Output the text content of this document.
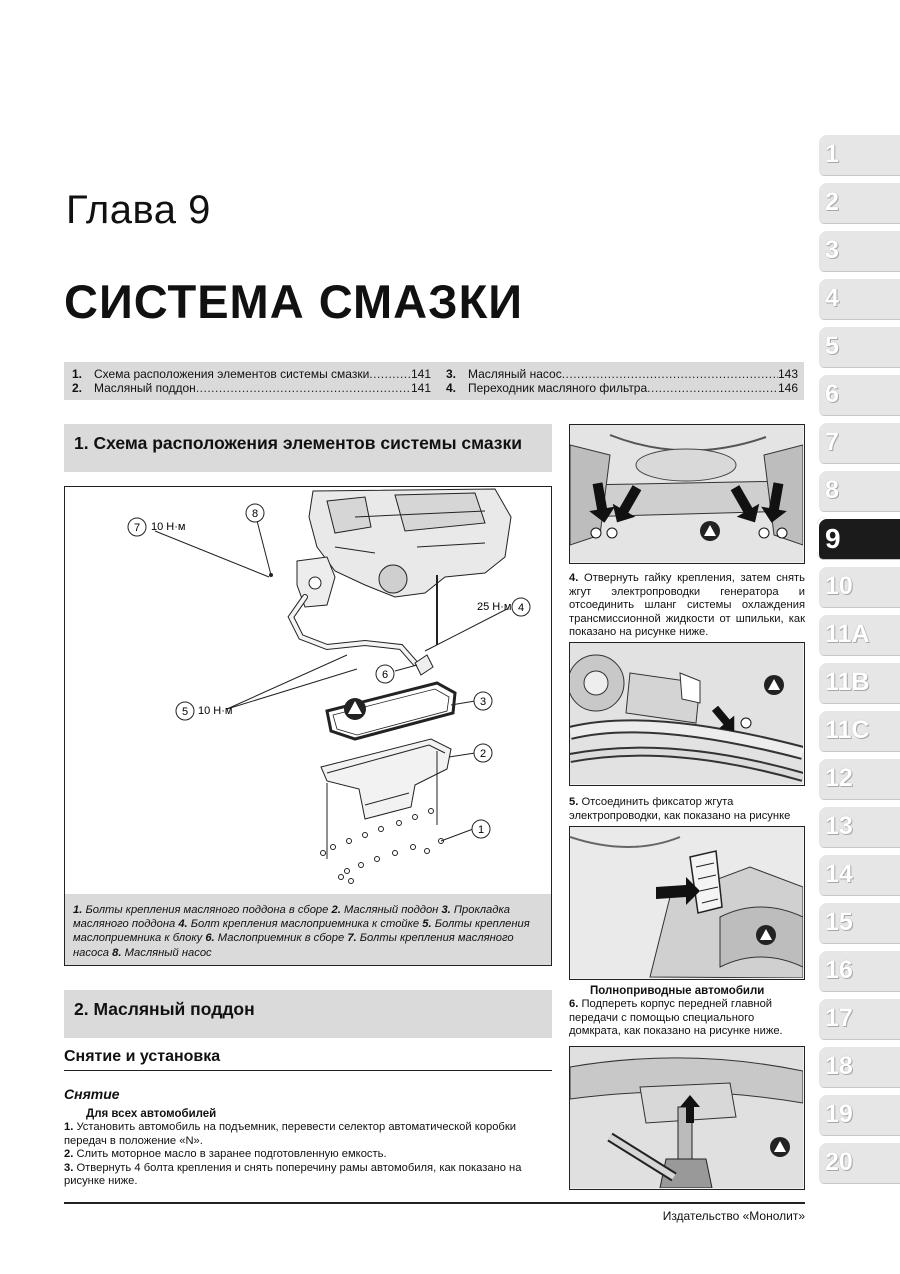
Глава 9
СИСТЕМА СМАЗКИ
1. Схема расположения элементов системы смазки .....	141
2. Масляный поддон .....	141
3. Масляный насос .....	143
4. Переходник масляного фильтра .....	146
1. Схема расположения элементов системы смазки
8
7
4
6
5
3
2
1
10 Н·м
25 Н·м
10 Н·м
1. Болты крепления масляного поддона в сборе 2. Масляный поддон 3. Прокладка масляного поддона 4. Болт крепления маслоприемника к стойке 5. Болты крепления маслоприемника к блоку 6. Маслоприемник в сборе 7. Болты крепления масляного насоса 8. Масляный насос
2. Масляный поддон
Снятие и установка
Снятие
Для всех автомобилей
1. Установить автомобиль на подъемник, перевести селектор автоматической коробки передач в положение «N».
2. Слить моторное масло в заранее подготовленную емкость.
3. Отвернуть 4 болта крепления и снять поперечину рамы автомобиля, как показано на рисунке ниже.
4. Отвернуть гайку крепления, затем снять жгут электропроводки генератора и отсоединить шланг системы охлаждения трансмиссионной жидкости от шпильки, как показано на рисунке ниже.
5. Отсоединить фиксатор жгута электропроводки, как показано на рисунке
Полноприводные автомобили
6. Подпереть корпус передней главной передачи с помощью специального домкрата, как показано на рисунке ниже.
Издательство «Монолит»
1
2
3
4
5
6
7
8
9
10
11A
11B
11C
12
13
14
15
16
17
18
19
20
